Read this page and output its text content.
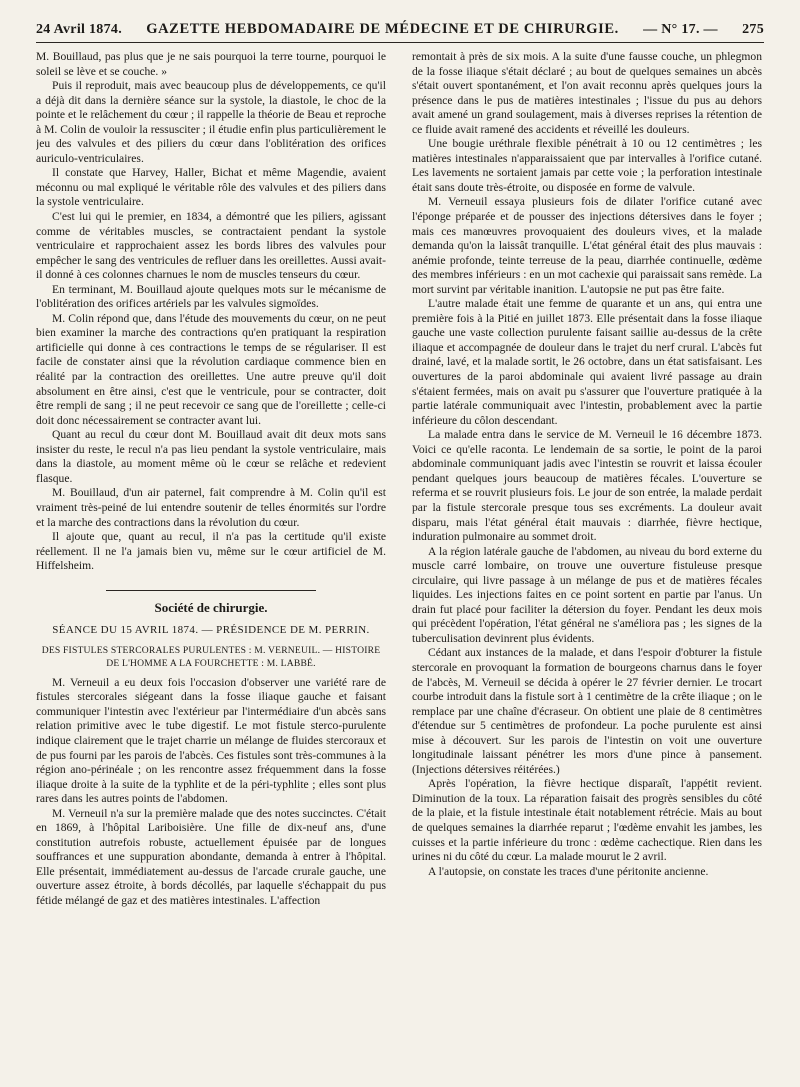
24 Avril 1874. GAZETTE HEBDOMADAIRE DE MÉDECINE ET DE CHIRURGIE. — N° 17. — 275

M. Bouillaud, pas plus que je ne sais pourquoi la terre tourne, pourquoi le soleil se lève et se couche. »

Puis il reproduit, mais avec beaucoup plus de développements, ce qu'il a déjà dit dans la dernière séance sur la systole, la diastole, le choc de la pointe et le relâchement du cœur ; il rappelle la théorie de Beau et reproche à M. Colin de vouloir la ressusciter ; il étudie enfin plus particulièrement le jeu des valvules et des piliers du cœur dans l'oblitération des orifices auriculo-ventriculaires.

Il constate que Harvey, Haller, Bichat et même Magendie, avaient méconnu ou mal expliqué le véritable rôle des valvules et des piliers dans la systole ventriculaire.

C'est lui qui le premier, en 1834, a démontré que les piliers, agissant comme de véritables muscles, se contractaient pendant la systole ventriculaire et rapprochaient assez les bords libres des valvules pour empêcher le sang des ventricules de refluer dans les oreillettes. Aussi avait-il donné à ces colonnes charnues le nom de muscles tenseurs du cœur.

En terminant, M. Bouillaud ajoute quelques mots sur le mécanisme de l'oblitération des orifices artériels par les valvules sigmoïdes.

M. Colin répond que, dans l'étude des mouvements du cœur, on ne peut bien examiner la marche des contractions qu'en pratiquant la respiration artificielle qui donne à ces contractions le temps de se régulariser. Il est facile de constater ainsi que la révolution cardiaque commence bien en réalité par la contraction des oreillettes. Une autre preuve qu'il doit absolument en être ainsi, c'est que le ventricule, pour se contracter, doit être rempli de sang ; il ne peut recevoir ce sang que de l'oreillette ; celle-ci doit donc nécessairement se contracter avant lui.

Quant au recul du cœur dont M. Bouillaud avait dit deux mots sans insister du reste, le recul n'a pas lieu pendant la systole ventriculaire, mais dans la diastole, au moment même où le cœur se relâche et redevient flasque.

M. Bouillaud, d'un air paternel, fait comprendre à M. Colin qu'il est vraiment très-peiné de lui entendre soutenir de telles énormités sur l'ordre et la marche des contractions dans la révolution du cœur.

Il ajoute que, quant au recul, il n'a pas la certitude qu'il existe réellement. Il ne l'a jamais bien vu, même sur le cœur artificiel de M. Hiffelsheim.

Société de chirurgie.
SÉANCE DU 15 AVRIL 1874. — PRÉSIDENCE DE M. PERRIN.
DES FISTULES STERCORALES PURULENTES : M. VERNEUIL. — HISTOIRE DE L'HOMME A LA FOURCHETTE : M. LABBÉ.

M. Verneuil a eu deux fois l'occasion d'observer une variété rare de fistules stercorales siégeant dans la fosse iliaque gauche et faisant communiquer l'intestin avec l'extérieur par l'intermédiaire d'un abcès sans relation primitive avec le tube digestif. Le mot fistule sterco-purulente indique clairement que le trajet charrie un mélange de fluides stercoraux et de pus fourni par les parois de l'abcès. Ces fistules sont très-communes à la région ano-périnéale ; on les rencontre assez fréquemment dans la fosse iliaque droite à la suite de la typhlite et de la péri-typhlite ; elles sont plus rares dans les autres points de l'abdomen.

M. Verneuil n'a sur la première malade que des notes succinctes. C'était en 1869, à l'hôpital Lariboisière. Une fille de dix-neuf ans, d'une constitution autrefois robuste, actuellement épuisée par de longues souffrances et une suppuration abondante, demanda à entrer à l'hôpital. Elle présentait, immédiatement au-dessus de l'arcade crurale gauche, une ouverture assez étroite, à bords décollés, par laquelle s'échappait du pus fétide mélangé de gaz et des matières intestinales. L'affection

remontait à près de six mois. A la suite d'une fausse couche, un phlegmon de la fosse iliaque s'était déclaré ; au bout de quelques semaines un abcès s'était ouvert spontanément, et l'on avait reconnu après quelques jours la présence dans le pus de matières intestinales ; l'issue du pus au dehors avait amené un grand soulagement, mais à diverses reprises la rétention de ce fluide avait ramené des accidents et réveillé les douleurs.

Une bougie uréthrale flexible pénétrait à 10 ou 12 centimètres ; les matières intestinales n'apparaissaient que par intervalles à l'orifice cutané. Les lavements ne sortaient jamais par cette voie ; la perforation intestinale était sans doute très-étroite, ou disposée en forme de valvule.

M. Verneuil essaya plusieurs fois de dilater l'orifice cutané avec l'éponge préparée et de pousser des injections détersives dans le foyer ; mais ces manœuvres provoquaient des douleurs vives, et la malade demanda qu'on la laissât tranquille. L'état général était des plus mauvais : anémie profonde, teinte terreuse de la peau, diarrhée continuelle, œdème des membres inférieurs : en un mot cachexie qui paraissait sans remède. La mort survint par véritable inanition. L'autopsie ne put pas être faite.

L'autre malade était une femme de quarante et un ans, qui entra une première fois à la Pitié en juillet 1873. Elle présentait dans la fosse iliaque gauche une vaste collection purulente faisant saillie au-dessus de la crête iliaque et accompagnée de douleur dans le trajet du nerf crural. L'abcès fut drainé, lavé, et la malade sortit, le 26 octobre, dans un état satisfaisant. Les ouvertures de la paroi abdominale qui avaient livré passage au drain s'étaient fermées, mais on avait pu s'assurer que l'ouverture pratiquée à la partie latérale communiquait avec l'intestin, probablement avec la partie inférieure du côlon descendant.

La malade entra dans le service de M. Verneuil le 16 décembre 1873. Voici ce qu'elle raconta. Le lendemain de sa sortie, le point de la paroi abdominale communiquant jadis avec l'intestin se rouvrit et laissa écouler pendant quelques jours beaucoup de matières fécales. L'ouverture se referma et se rouvrit plusieurs fois. Le jour de son entrée, la malade perdait par la fistule stercorale presque tous ses excréments. La douleur avait disparu, mais l'état général était mauvais : diarrhée, fièvre hectique, induration pulmonaire au sommet droit.

A la région latérale gauche de l'abdomen, au niveau du bord externe du muscle carré lombaire, on trouve une ouverture fistuleuse presque circulaire, qui livre passage à un mélange de pus et de matières fécales liquides. Les injections faites en ce point sortent en partie par l'anus. Un drain fut placé pour faciliter la détersion du foyer. Pendant les deux mois qui précèdent l'opération, l'état général ne s'améliora pas ; les signes de la tuberculisation devinrent plus évidents.

Cédant aux instances de la malade, et dans l'espoir d'obturer la fistule stercorale en provoquant la formation de bourgeons charnus dans le foyer de l'abcès, M. Verneuil se décida à opérer le 27 février dernier. Le trocart courbe introduit dans la fistule sort à 1 centimètre de la crête iliaque ; on le remplace par une chaîne d'écraseur. On obtient une plaie de 8 centimètres d'étendue sur 5 centimètres de profondeur. La poche purulente est ainsi mise à découvert. Sur les parois de l'intestin on voit une ouverture longitudinale laissant pénétrer les mors d'une pince à pansement. (Injections détersives réitérées.)

Après l'opération, la fièvre hectique disparaît, l'appétit revient. Diminution de la toux. La réparation faisait des progrès sensibles du côté de la plaie, et la fistule intestinale était notablement rétrécie. Mais au bout de quelques semaines la diarrhée reparut ; l'œdème envahit les jambes, les cuisses et la partie inférieure du tronc : œdème cachectique. Rien dans les urines ni du côté du cœur. La malade mourut le 2 avril.

A l'autopsie, on constate les traces d'une péritonite ancienne.
